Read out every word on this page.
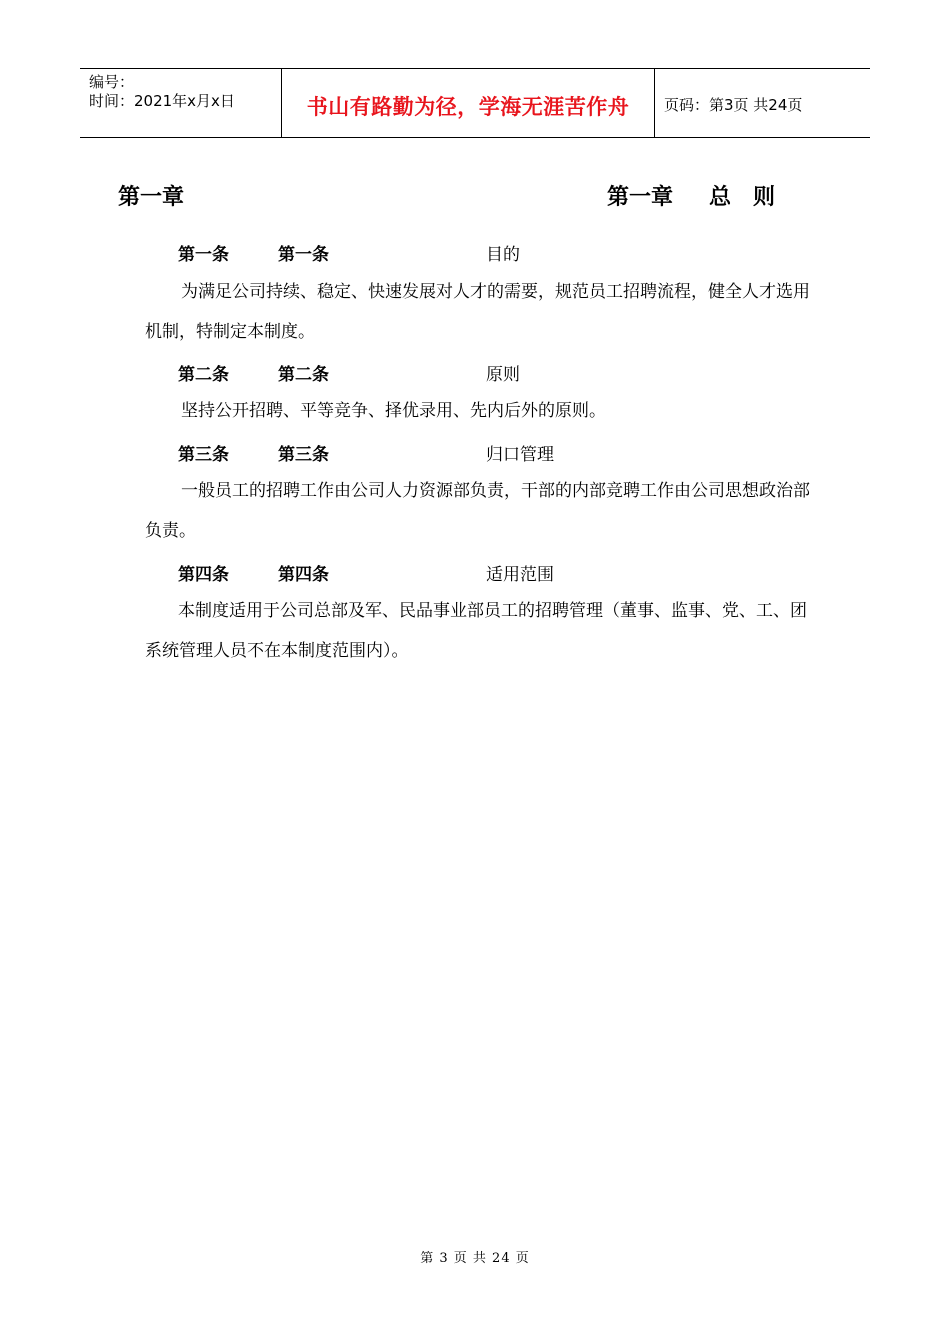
编号：
时间：2021年x月x日	书山有路勤为径，学海无涯苦作舟	页码：第3页 共24页
第一章	第一章 总 则
第一条	第一条	目的

为满足公司持续、稳定、快速发展对人才的需要，规范员工招聘流程，健全人才选用机制，特制定本制度。

第二条	第二条	原则

坚持公开招聘、平等竞争、择优录用、先内后外的原则。

第三条	第三条	归口管理

一般员工的招聘工作由公司人力资源部负责，干部的内部竞聘工作由公司思想政治部负责。

第四条	第四条	适用范围

本制度适用于公司总部及军、民品事业部员工的招聘管理（董事、监事、党、工、团系统管理人员不在本制度范围内）。

第 3 页 共 24 页
